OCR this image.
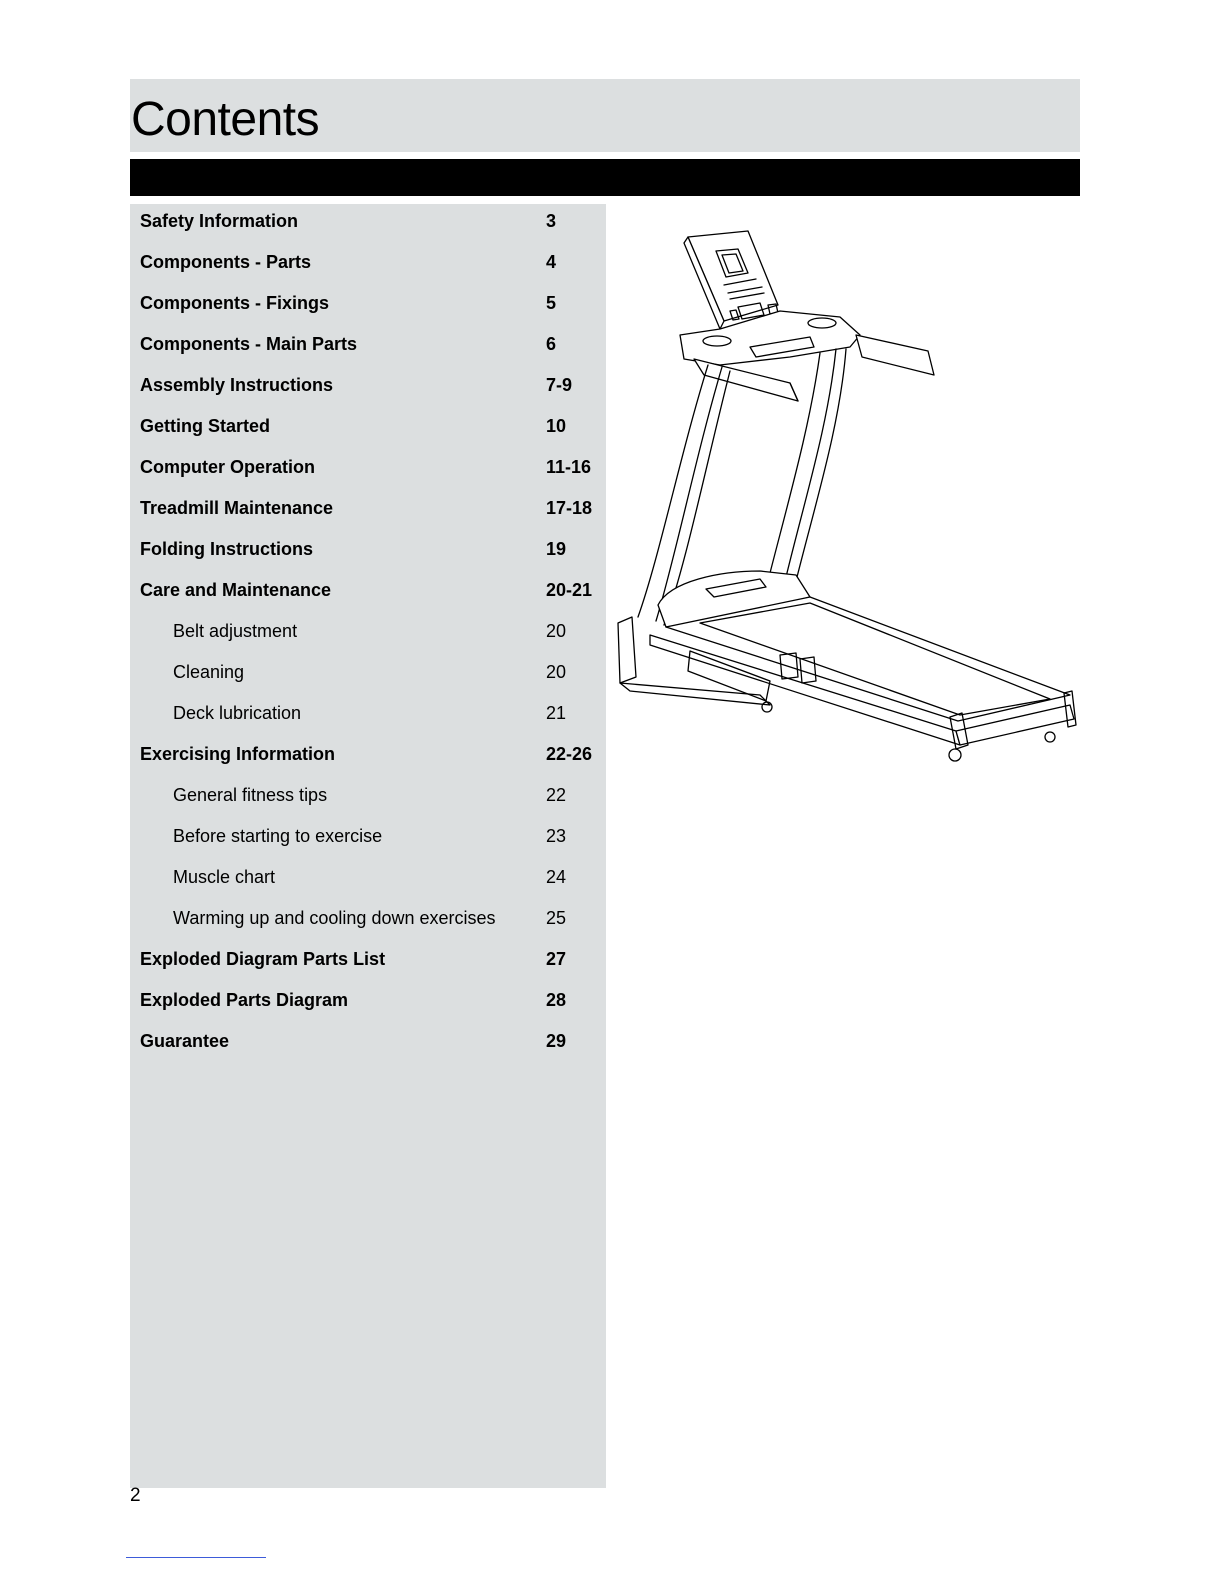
Contents
Safety Information	3
Components - Parts	4
Components - Fixings	5
Components - Main Parts	6
Assembly Instructions	7-9
Getting Started	10
Computer Operation	11-16
Treadmill Maintenance	17-18
Folding Instructions	19
Care and Maintenance	20-21
Belt adjustment	20
Cleaning	20
Deck lubrication	21
Exercising Information	22-26
General fitness tips	22
Before starting to exercise	23
Muscle chart	24
Warming up and cooling down exercises	25
Exploded Diagram Parts List	27
Exploded Parts Diagram	28
Guarantee	29
2
